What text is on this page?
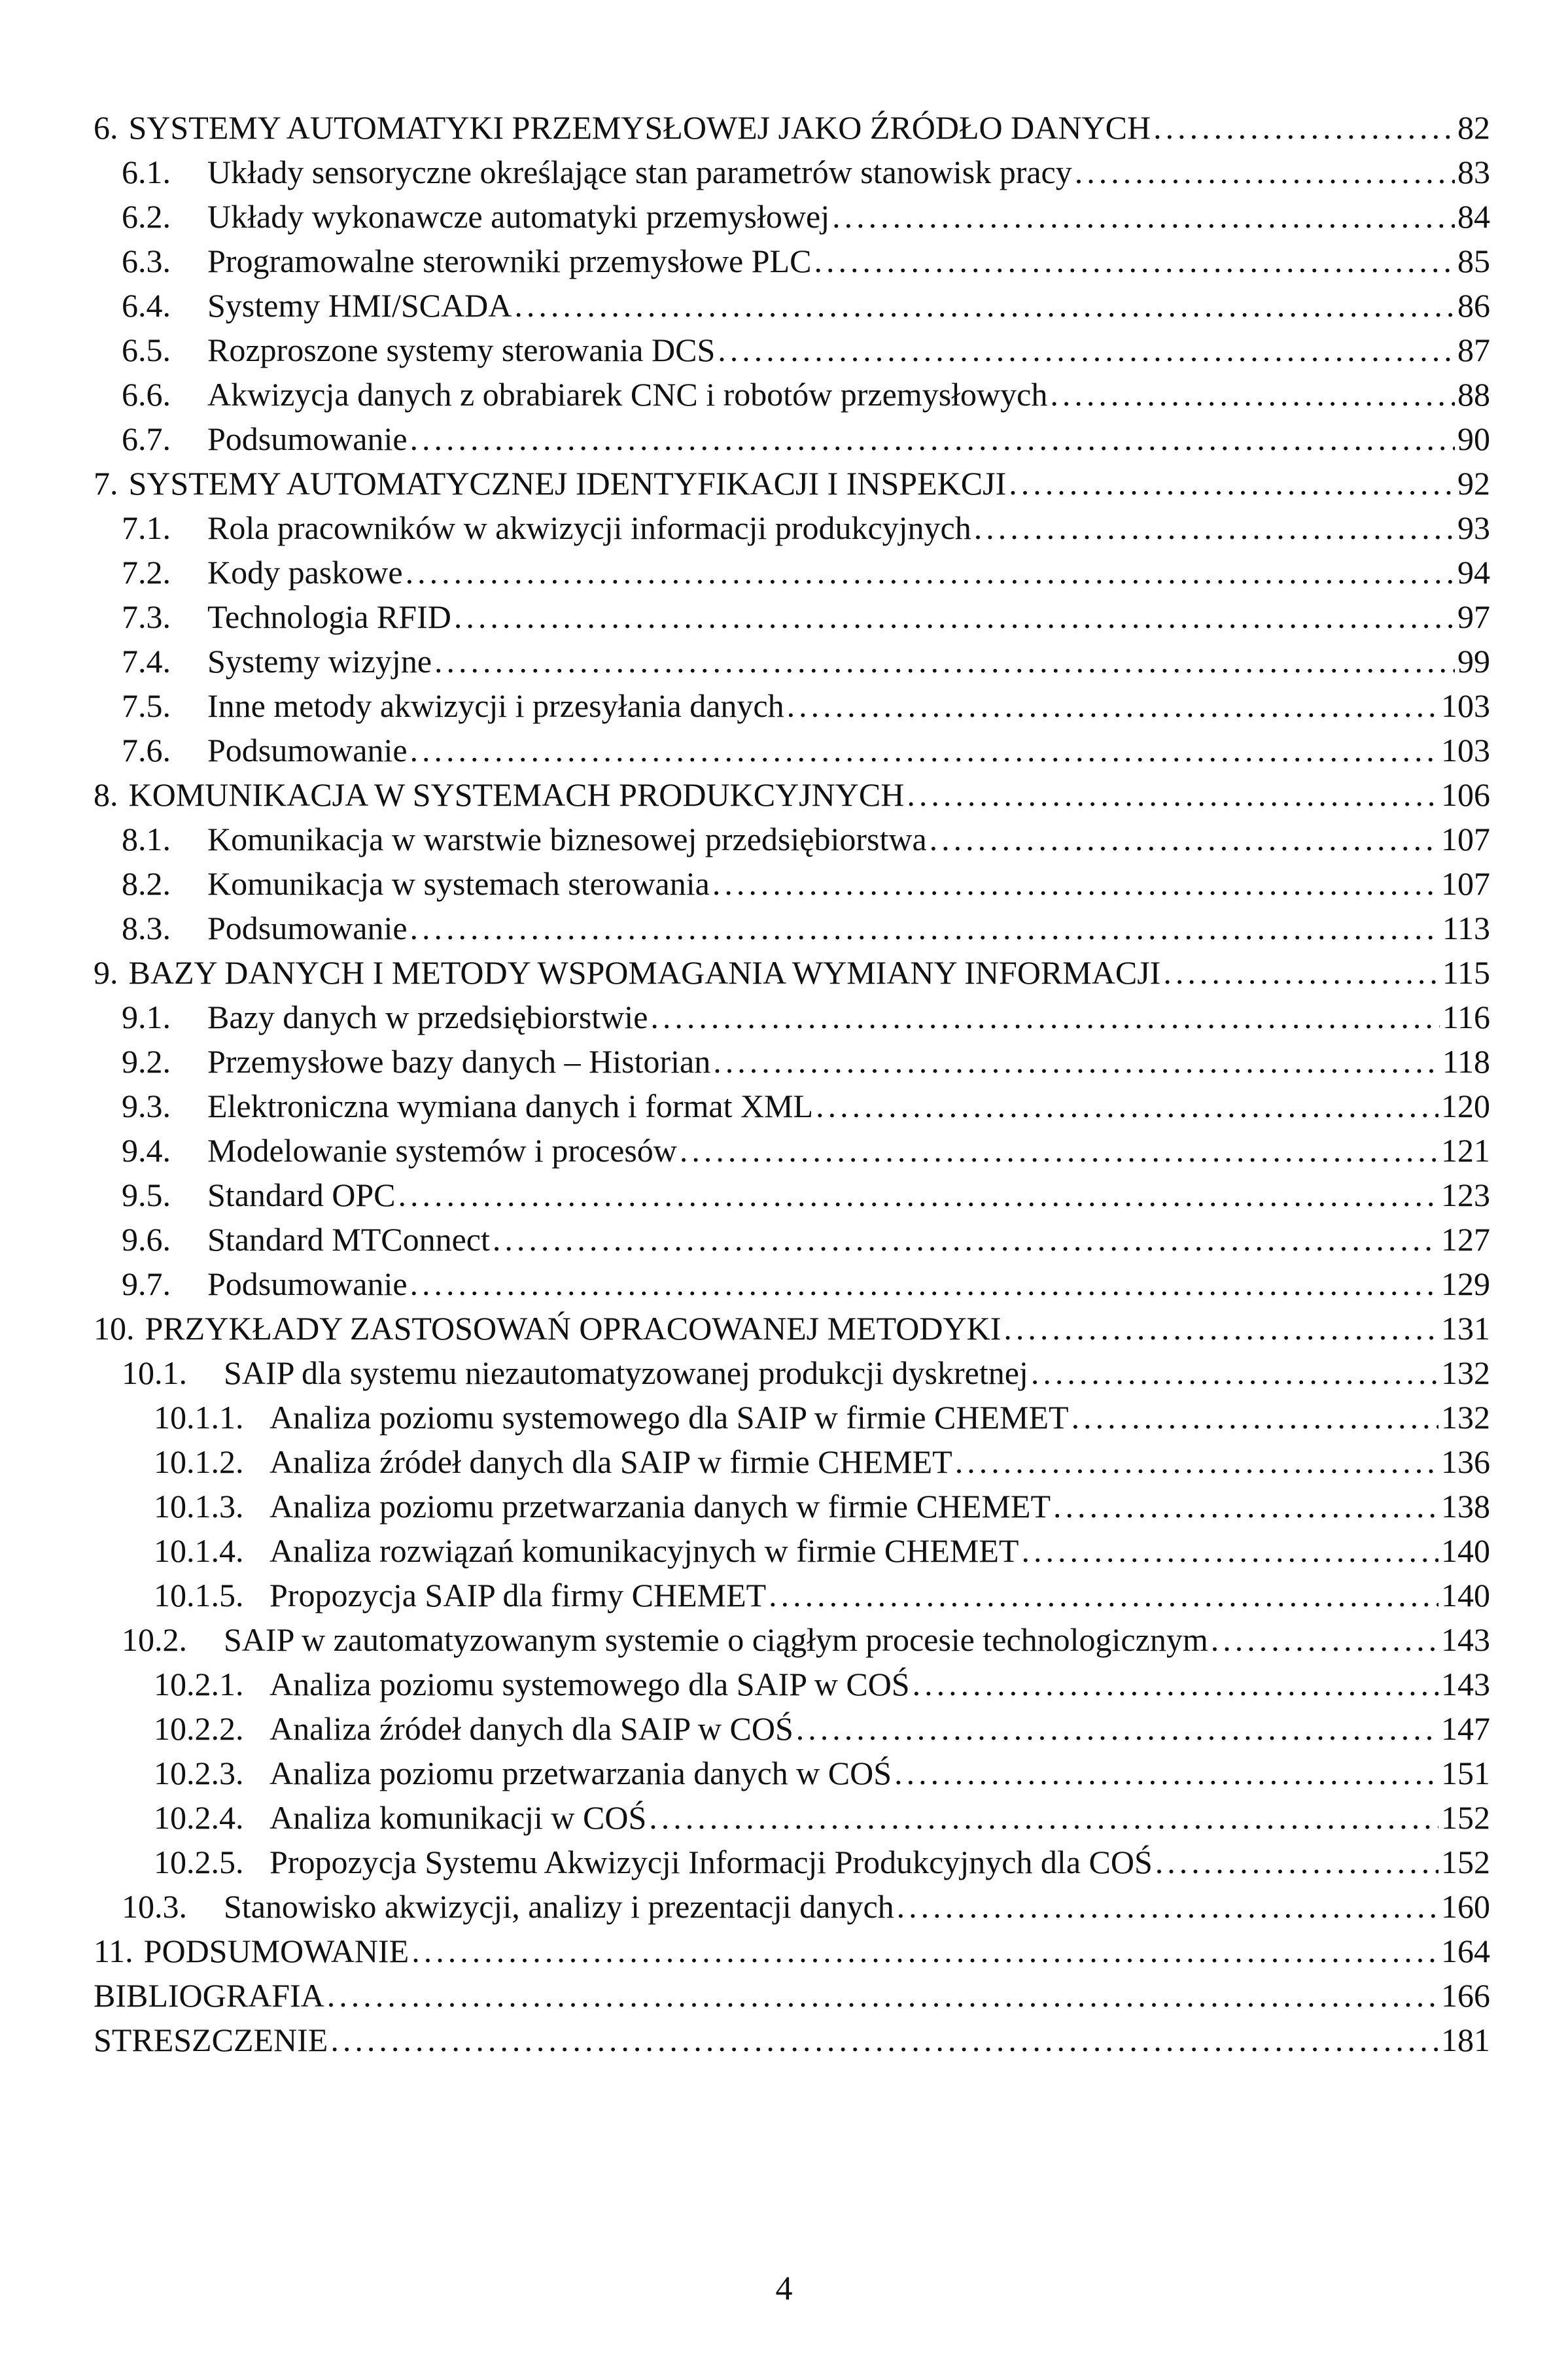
6. SYSTEMY AUTOMATYKI PRZEMYSŁOWEJ JAKO ŹRÓDŁO DANYCH .....	82
6.1.	Układy sensoryczne określające stan parametrów stanowisk pracy .....	83
6.2.	Układy wykonawcze automatyki przemysłowej .....	84
6.3.	Programowalne sterowniki przemysłowe PLC .....	85
6.4.	Systemy HMI/SCADA .....	86
6.5.	Rozproszone systemy sterowania DCS .....	87
6.6.	Akwizycja danych z obrabiarek CNC i robotów przemysłowych .....	88
6.7.	Podsumowanie .....	90
7. SYSTEMY AUTOMATYCZNEJ IDENTYFIKACJI I INSPEKCJI .....	92
7.1.	Rola pracowników w akwizycji informacji produkcyjnych .....	93
7.2.	Kody paskowe .....	94
7.3.	Technologia RFID .....	97
7.4.	Systemy wizyjne .....	99
7.5.	Inne metody akwizycji i przesyłania danych .....	103
7.6.	Podsumowanie .....	103
8. KOMUNIKACJA W SYSTEMACH PRODUKCYJNYCH .....	106
8.1.	Komunikacja w warstwie biznesowej przedsiębiorstwa .....	107
8.2.	Komunikacja w systemach sterowania .....	107
8.3.	Podsumowanie .....	113
9. BAZY DANYCH I METODY WSPOMAGANIA WYMIANY INFORMACJI .....	115
9.1.	Bazy danych w przedsiębiorstwie .....	116
9.2.	Przemysłowe bazy danych – Historian .....	118
9.3.	Elektroniczna wymiana danych i format XML .....	120
9.4.	Modelowanie systemów i procesów .....	121
9.5.	Standard OPC .....	123
9.6.	Standard MTConnect .....	127
9.7.	Podsumowanie .....	129
10. PRZYKŁADY ZASTOSOWAŃ OPRACOWANEJ METODYKI .....	131
10.1.	SAIP dla systemu niezautomatyzowanej produkcji dyskretnej .....	132
10.1.1. Analiza poziomu systemowego dla SAIP w firmie CHEMET .....	132
10.1.2. Analiza źródeł danych dla SAIP w firmie CHEMET .....	136
10.1.3. Analiza poziomu przetwarzania danych w firmie CHEMET .....	138
10.1.4. Analiza rozwiązań komunikacyjnych w firmie CHEMET .....	140
10.1.5. Propozycja SAIP dla firmy CHEMET .....	140
10.2.	SAIP w zautomatyzowanym systemie o ciągłym procesie technologicznym .....	143
10.2.1. Analiza poziomu systemowego dla SAIP w COŚ .....	143
10.2.2. Analiza źródeł danych dla SAIP w COŚ .....	147
10.2.3. Analiza poziomu przetwarzania danych w COŚ .....	151
10.2.4. Analiza komunikacji w COŚ .....	152
10.2.5. Propozycja Systemu Akwizycji Informacji Produkcyjnych dla COŚ .....	152
10.3.	Stanowisko akwizycji, analizy i prezentacji danych .....	160
11. PODSUMOWANIE .....	164
BIBLIOGRAFIA .....	166
STRESZCZENIE .....	181
4
